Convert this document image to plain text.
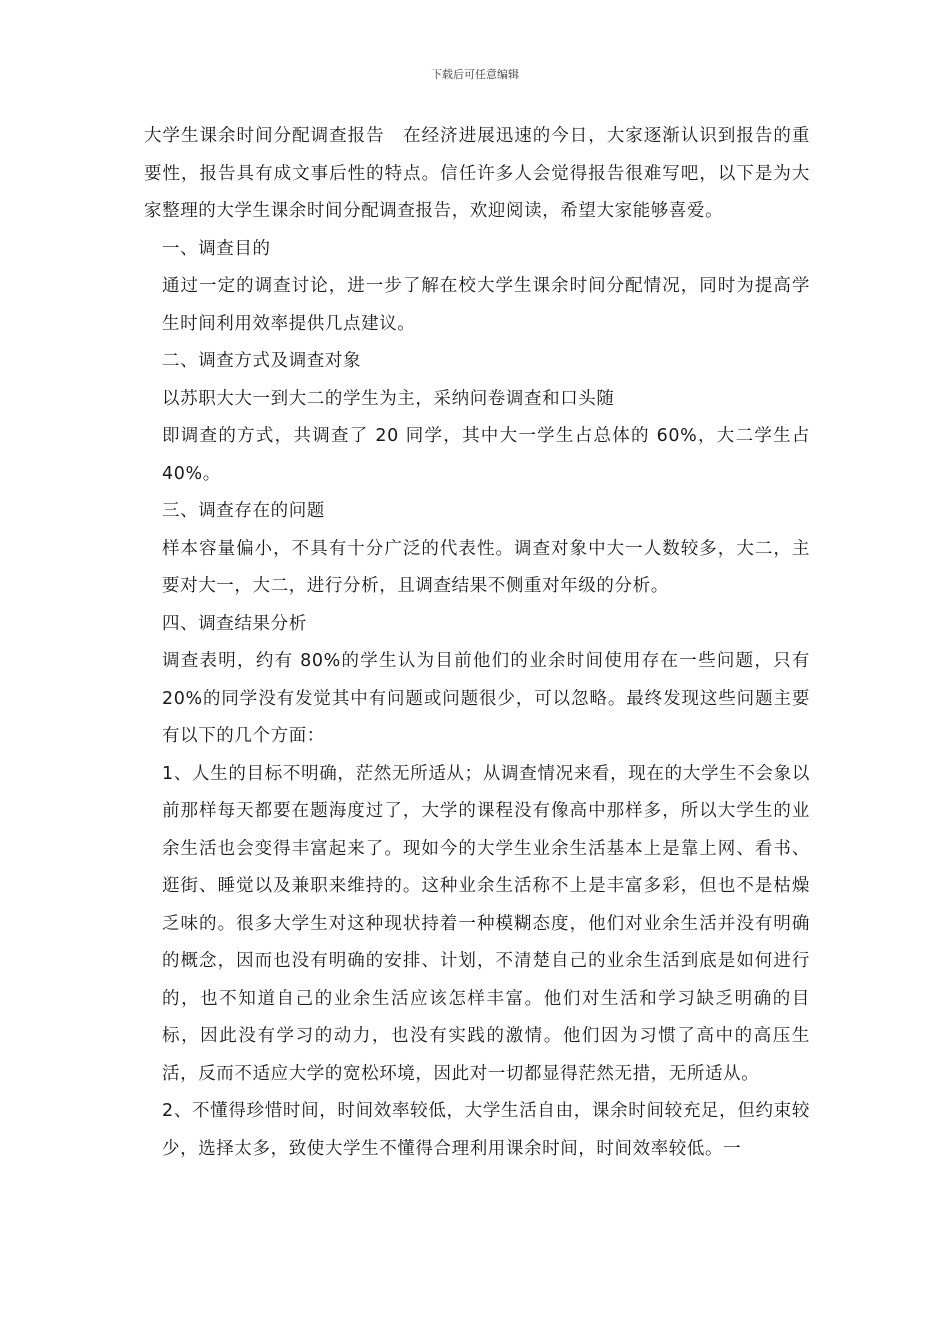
下载后可任意编辑

大学生课余时间分配调查报告　在经济进展迅速的今日，大家逐渐认识到报告的重要性，报告具有成文事后性的特点。信任许多人会觉得报告很难写吧，以下是为大家整理的大学生课余时间分配调查报告，欢迎阅读，希望大家能够喜爱。

一、调查目的

通过一定的调查讨论，进一步了解在校大学生课余时间分配情况，同时为提高学生时间利用效率提供几点建议。

二、调查方式及调查对象

以苏职大大一到大二的学生为主，采纳问卷调查和口头随

即调查的方式，共调查了 20 同学，其中大一学生占总体的 60%，大二学生占 40%。

三、调查存在的问题

样本容量偏小，不具有十分广泛的代表性。调查对象中大一人数较多，大二，主要对大一，大二，进行分析，且调查结果不侧重对年级的分析。

四、调查结果分析

调查表明，约有 80%的学生认为目前他们的业余时间使用存在一些问题，只有 20%的同学没有发觉其中有问题或问题很少，可以忽略。最终发现这些问题主要有以下的几个方面：

1、人生的目标不明确，茫然无所适从；从调查情况来看，现在的大学生不会象以前那样每天都要在题海度过了，大学的课程没有像高中那样多，所以大学生的业余生活也会变得丰富起来了。现如今的大学生业余生活基本上是靠上网、看书、逛街、睡觉以及兼职来维持的。这种业余生活称不上是丰富多彩，但也不是枯燥乏味的。很多大学生对这种现状持着一种模糊态度，他们对业余生活并没有明确的概念，因而也没有明确的安排、计划，不清楚自己的业余生活到底是如何进行的，也不知道自己的业余生活应该怎样丰富。他们对生活和学习缺乏明确的目标，因此没有学习的动力，也没有实践的激情。他们因为习惯了高中的高压生活，反而不适应大学的宽松环境，因此对一切都显得茫然无措，无所适从。

2、不懂得珍惜时间，时间效率较低，大学生活自由，课余时间较充足，但约束较少，选择太多，致使大学生不懂得合理利用课余时间，时间效率较低。一
